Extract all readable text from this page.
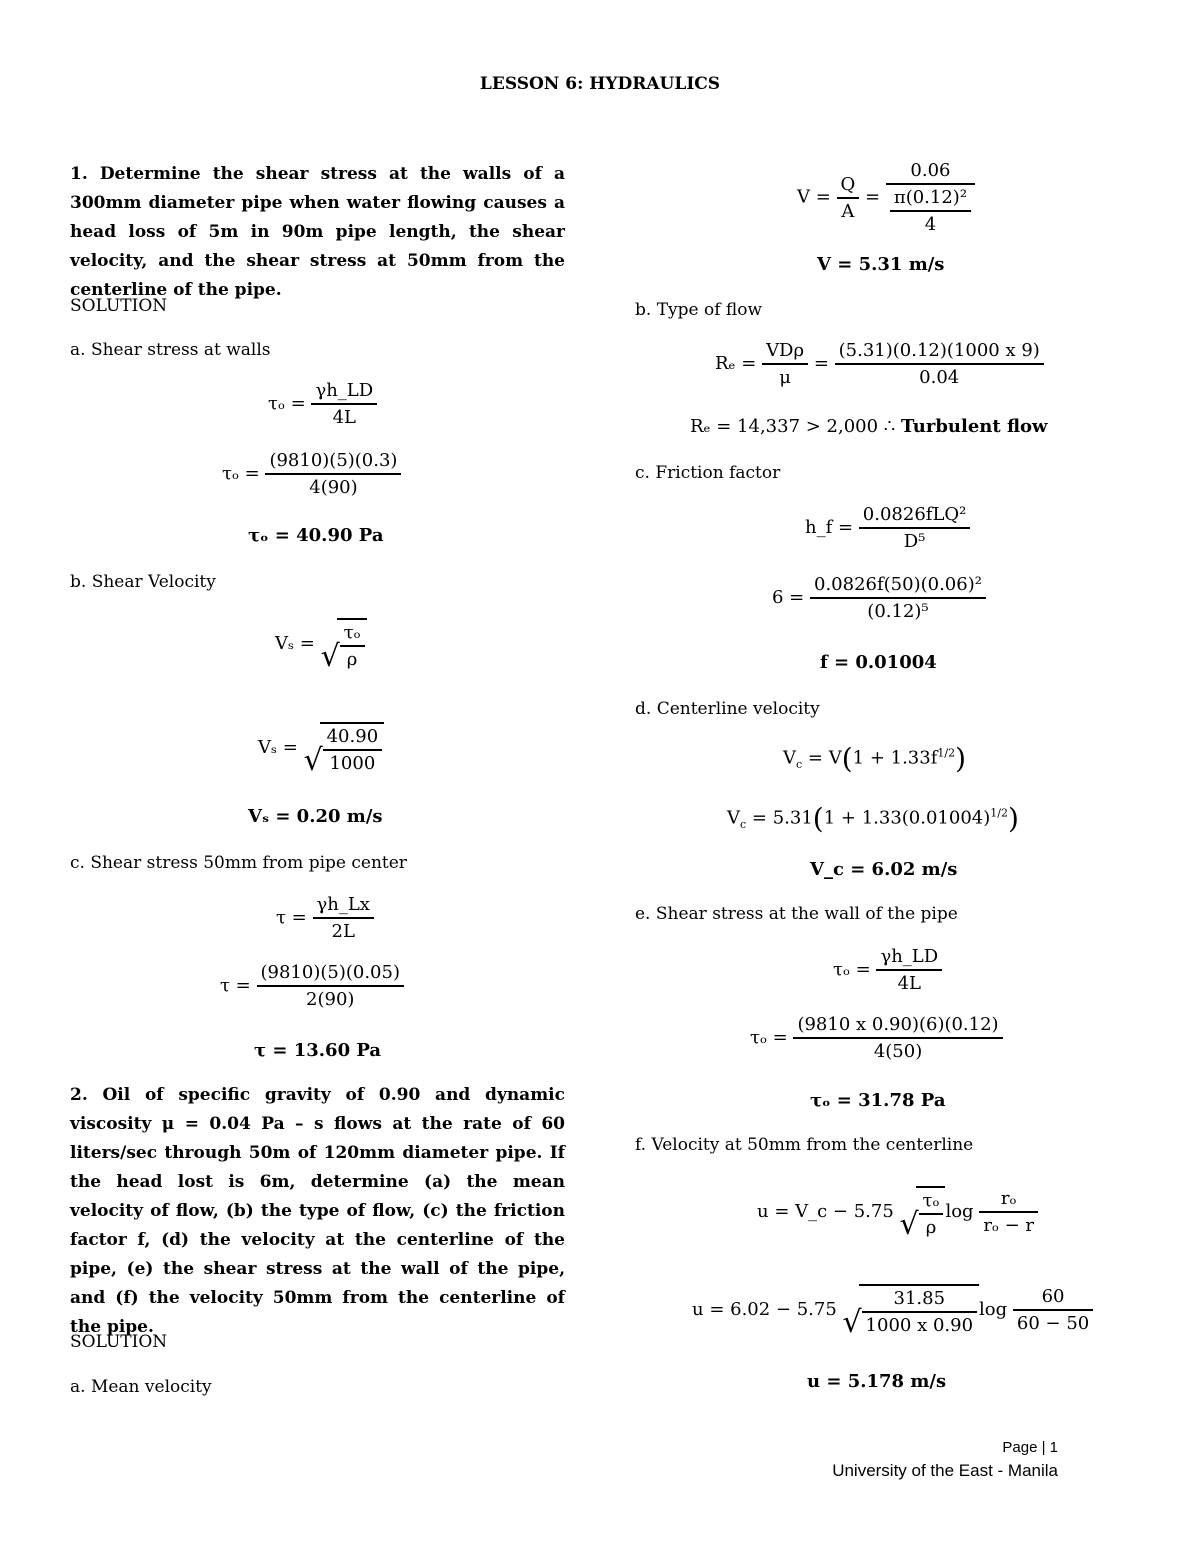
LESSON 6: HYDRAULICS
1. Determine the shear stress at the walls of a 300mm diameter pipe when water flowing causes a head loss of 5m in 90m pipe length, the shear velocity, and the shear stress at 50mm from the centerline of the pipe.
SOLUTION
a. Shear stress at walls
$\tau_o = \frac{\gamma h\_LD}{4L}$
$\tau_o = \frac{(9810)(5)(0.3)}{4(90)}$
τₒ = 40.90 Pa
b. Shear Velocity
Vₛ = √ $\frac{\text{τₒ}}{\rho}$
Vₛ = √ $\frac{40.90}{1000}$
Vₛ = 0.20 m/s
c. Shear stress 50mm from pipe center
$\tau = \frac{\gamma h\_Lx}{2L}$
$\tau = \frac{(9810)(5)(0.05)}{2(90)}$
τ = 13.60 Pa
2. Oil of specific gravity of 0.90 and dynamic viscosity μ = 0.04 Pa – s flows at the rate of 60 liters/sec through 50m of 120mm diameter pipe. If the head lost is 6m, determine (a) the mean velocity of flow, (b) the type of flow, (c) the friction factor f, (d) the velocity at the centerline of the pipe, (e) the shear stress at the wall of the pipe, and (f) the velocity 50mm from the centerline of the pipe.
SOLUTION
a. Mean velocity
$V = \frac{Q}{A} = \frac{0.06}{\frac{\text{π(0.12)²}}{4}}$
V = 5.31 m/s
b. Type of flow
$R_e = \frac{\text{VDρ}}{\mu} = \frac{(5.31)(0.12)(1000 x 9)}{0.04}$
Rₑ = 14,337 > 2,000 ∴ Turbulent flow
c. Friction factor
h_f = $\frac{\text{0.0826fLQ²}}{\text{D⁵}}$
$6 = \frac{\text{0.0826f(50)(0.06)²}}{\text{(0.12)⁵}}$
f = 0.01004
d. Centerline velocity
$V_c = V(1 + 1.33f^{1/2})$
$V_c = 5.31(1 + 1.33(0.01004)^{1/2})$
V_c = 6.02 m/s
e. Shear stress at the wall of the pipe
$\tau_o = \frac{\gamma h\_LD}{4L}$
$\tau_o = \frac{(9810 x 0.90)(6)(0.12)}{4(50)}$
τₒ = 31.78 Pa
f. Velocity at 50mm from the centerline
u = V_c − 5.75 √ $\frac{\text{τₒ}}{\rho}$ $\log \frac{\text{rₒ}}{\text{rₒ − r}}$
u = 6.02 − 5.75 √ $\frac{31.85}{1000 x 0.90}$ $\log \frac{60}{60 - 50}$
u = 5.178 m/s
Page | 1
University of the East - Manila
